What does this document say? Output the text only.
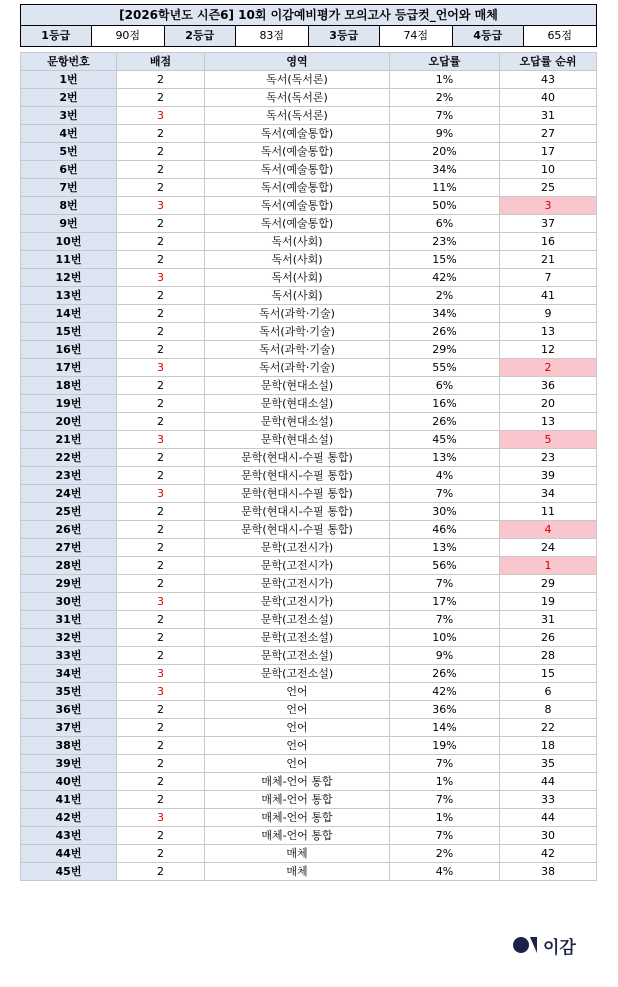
[2026학년도 시즌6] 10회 이감예비평가 모의고사 등급컷_언어와 매체
1등급	90점	2등급	83점	3등급	74점	4등급	65점
문항번호	배점	영역	오답률	오답률 순위
1번	2	독서(독서론)	1%	43
2번	2	독서(독서론)	2%	40
3번	3	독서(독서론)	7%	31
4번	2	독서(예술통합)	9%	27
5번	2	독서(예술통합)	20%	17
6번	2	독서(예술통합)	34%	10
7번	2	독서(예술통합)	11%	25
8번	3	독서(예술통합)	50%	3
9번	2	독서(예술통합)	6%	37
10번	2	독서(사회)	23%	16
11번	2	독서(사회)	15%	21
12번	3	독서(사회)	42%	7
13번	2	독서(사회)	2%	41
14번	2	독서(과학·기술)	34%	9
15번	2	독서(과학·기술)	26%	13
16번	2	독서(과학·기술)	29%	12
17번	3	독서(과학·기술)	55%	2
18번	2	문학(현대소설)	6%	36
19번	2	문학(현대소설)	16%	20
20번	2	문학(현대소설)	26%	13
21번	3	문학(현대소설)	45%	5
22번	2	문학(현대시-수필 통합)	13%	23
23번	2	문학(현대시-수필 통합)	4%	39
24번	3	문학(현대시-수필 통합)	7%	34
25번	2	문학(현대시-수필 통합)	30%	11
26번	2	문학(현대시-수필 통합)	46%	4
27번	2	문학(고전시가)	13%	24
28번	2	문학(고전시가)	56%	1
29번	2	문학(고전시가)	7%	29
30번	3	문학(고전시가)	17%	19
31번	2	문학(고전소설)	7%	31
32번	2	문학(고전소설)	10%	26
33번	2	문학(고전소설)	9%	28
34번	3	문학(고전소설)	26%	15
35번	3	언어	42%	6
36번	2	언어	36%	8
37번	2	언어	14%	22
38번	2	언어	19%	18
39번	2	언어	7%	35
40번	2	매체-언어 통합	1%	44
41번	2	매체-언어 통합	7%	33
42번	3	매체-언어 통합	1%	44
43번	2	매체-언어 통합	7%	30
44번	2	매체	2%	42
45번	2	매체	4%	38
이감
